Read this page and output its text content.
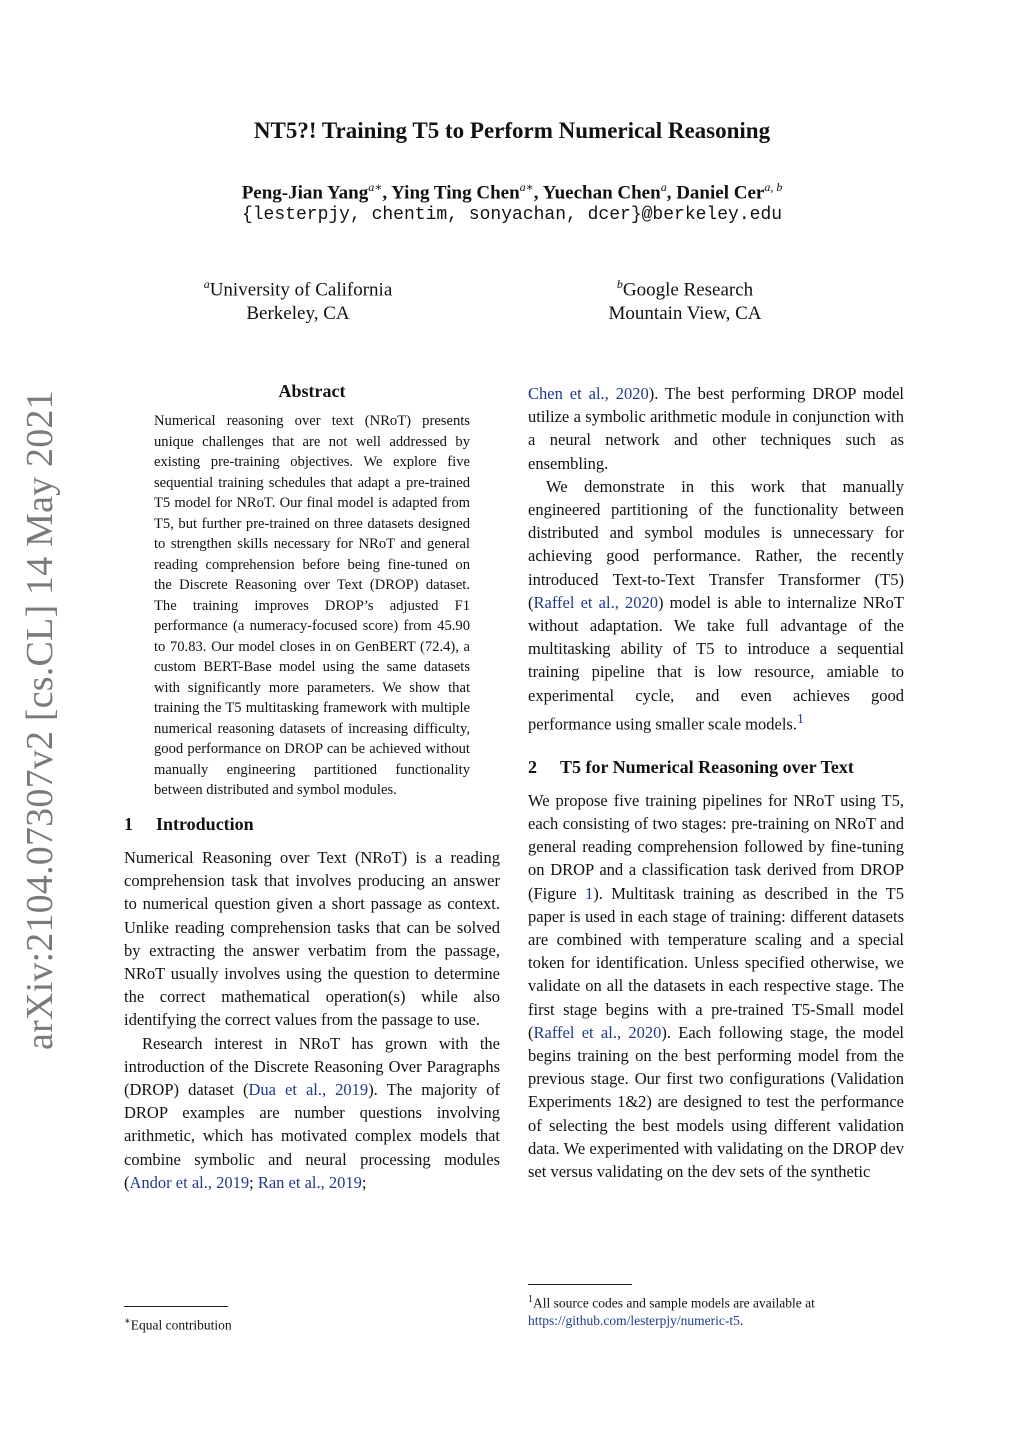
arXiv:2104.07307v2 [cs.CL] 14 May 2021
NT5?! Training T5 to Perform Numerical Reasoning
Peng-Jian Yang$^{a∗}$, Ying Ting Chen$^{a∗}$, Yuechan Chen$^a$, Daniel Cer$^{a, b}$
{lesterpjy, chentim, sonyachan, dcer}@berkeley.edu
$^a$University of California
Berkeley, CA
$^b$Google Research
Mountain View, CA
Abstract
Numerical reasoning over text (NRoT) presents unique challenges that are not well addressed by existing pre-training objectives. We explore five sequential training schedules that adapt a pre-trained T5 model for NRoT. Our final model is adapted from T5, but further pre-trained on three datasets designed to strengthen skills necessary for NRoT and general reading comprehension before being fine-tuned on the Discrete Reasoning over Text (DROP) dataset. The training improves DROP’s adjusted F1 performance (a numeracy-focused score) from 45.90 to 70.83. Our model closes in on GenBERT (72.4), a custom BERT-Base model using the same datasets with significantly more parameters. We show that training the T5 multitasking framework with multiple numerical reasoning datasets of increasing difficulty, good performance on DROP can be achieved without manually engineering partitioned functionality between distributed and symbol modules.
1 Introduction

Numerical Reasoning over Text (NRoT) is a reading comprehension task that involves producing an answer to numerical question given a short passage as context. Unlike reading comprehension tasks that can be solved by extracting the answer verbatim from the passage, NRoT usually involves using the question to determine the correct mathematical operation(s) while also identifying the correct values from the passage to use.

Research interest in NRoT has grown with the introduction of the Discrete Reasoning Over Paragraphs (DROP) dataset (Dua et al., 2019). The majority of DROP examples are number questions involving arithmetic, which has motivated complex models that combine symbolic and neural processing modules (Andor et al., 2019; Ran et al., 2019;

∗Equal contribution

Chen et al., 2020). The best performing DROP model utilize a symbolic arithmetic module in conjunction with a neural network and other techniques such as ensembling.

We demonstrate in this work that manually engineered partitioning of the functionality between distributed and symbol modules is unnecessary for achieving good performance. Rather, the recently introduced Text-to-Text Transfer Transformer (T5) (Raffel et al., 2020) model is able to internalize NRoT without adaptation. We take full advantage of the multitasking ability of T5 to introduce a sequential training pipeline that is low resource, amiable to experimental cycle, and even achieves good performance using smaller scale models.$^1$

2 T5 for Numerical Reasoning over Text

We propose five training pipelines for NRoT using T5, each consisting of two stages: pre-training on NRoT and general reading comprehension followed by fine-tuning on DROP and a classification task derived from DROP (Figure 1). Multitask training as described in the T5 paper is used in each stage of training: different datasets are combined with temperature scaling and a special token for identification. Unless specified otherwise, we validate on all the datasets in each respective stage. The first stage begins with a pre-trained T5-Small model (Raffel et al., 2020). Each following stage, the model begins training on the best performing model from the previous stage. Our first two configurations (Validation Experiments 1&2) are designed to test the performance of selecting the best models using different validation data. We experimented with validating on the DROP dev set versus validating on the dev sets of the synthetic

$^1$All source codes and sample models are available at
https://github.com/lesterpjy/numeric-t5.
